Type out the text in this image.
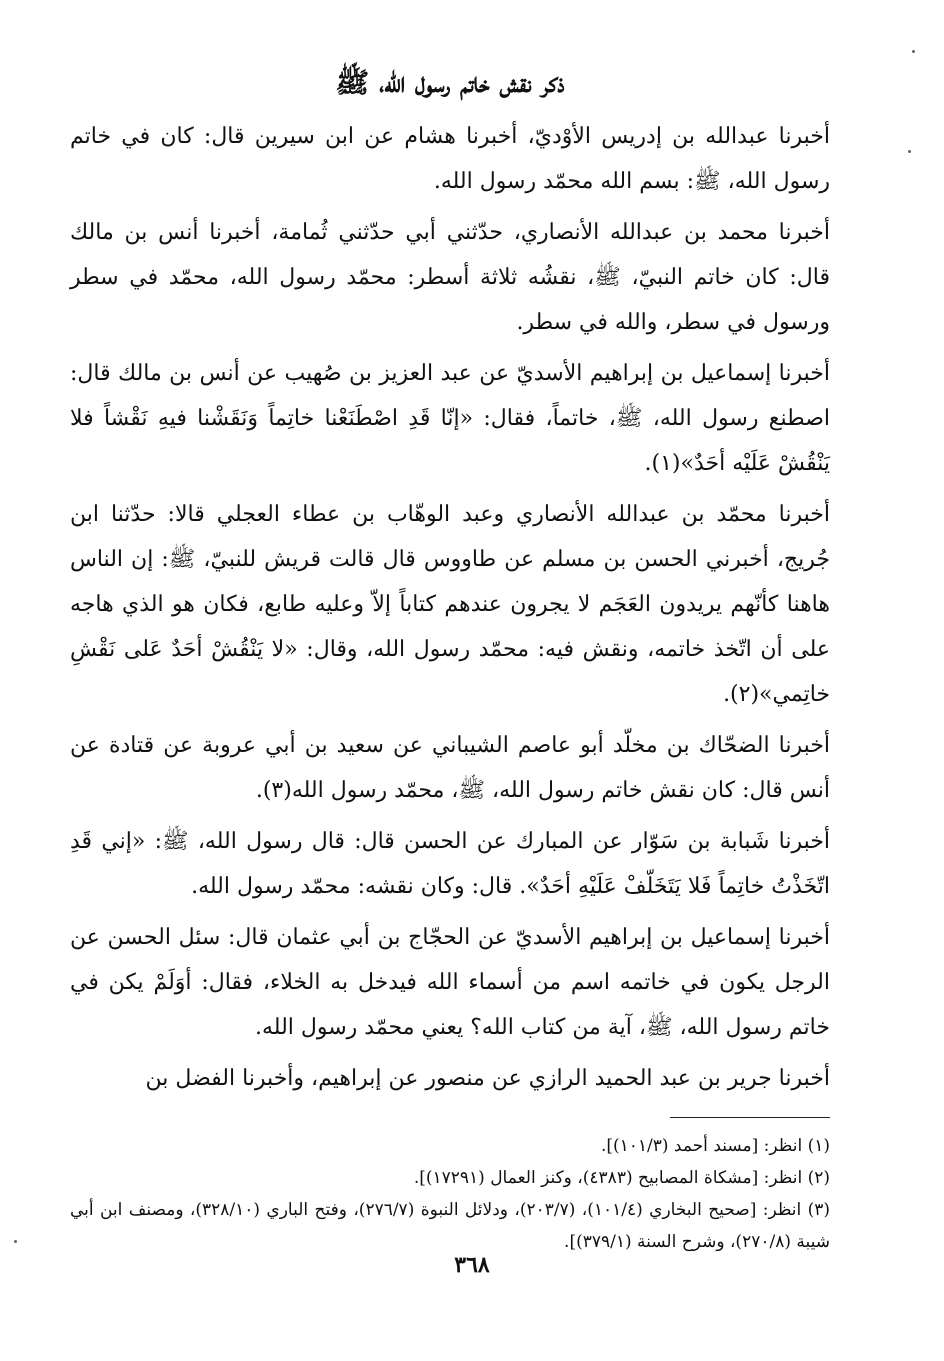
ذكر نقش خاتم رسول الله، ﷺ

أخبرنا عبدالله بن إدريس الأوْديّ، أخبرنا هشام عن ابن سيرين قال: كان في خاتم رسول الله، ﷺ: بسم الله محمّد رسول الله.

أخبرنا محمد بن عبدالله الأنصاري، حدّثني أبي حدّثني ثُمامة، أخبرنا أنس بن مالك قال: كان خاتم النبيّ، ﷺ، نقشُه ثلاثة أسطر: محمّد رسول الله، محمّد في سطر ورسول في سطر، والله في سطر.

أخبرنا إسماعيل بن إبراهيم الأسديّ عن عبد العزيز بن صُهيب عن أنس بن مالك قال: اصطنع رسول الله، ﷺ، خاتماً، فقال: «إنّا قَدِ اصْطَنَعْنا خاتِماً وَنَقَشْنا فيهِ نَقْشاً فلا يَنْقُشْ عَلَيْه أحَدٌ»(١).

أخبرنا محمّد بن عبدالله الأنصاري وعبد الوهّاب بن عطاء العجلي قالا: حدّثنا ابن جُريج، أخبرني الحسن بن مسلم عن طاووس قال قالت قريش للنبيّ، ﷺ: إن الناس هاهنا كأنّهم يريدون العَجَم لا يجرون عندهم كتاباً إلاّ وعليه طابع، فكان هو الذي هاجه على أن اتّخذ خاتمه، ونقش فيه: محمّد رسول الله، وقال: «لا يَنْقُشْ أحَدٌ عَلى نَقْشِ خاتِمي»(٢).

أخبرنا الضحّاك بن مخلّد أبو عاصم الشيباني عن سعيد بن أبي عروبة عن قتادة عن أنس قال: كان نقش خاتم رسول الله، ﷺ، محمّد رسول الله(٣).

أخبرنا شَبابة بن سَوّار عن المبارك عن الحسن قال: قال رسول الله، ﷺ: «إني قَدِ اتّخَذْتُ خاتِماً فَلا يَتَخَلّفْ عَلَيْهِ أحَدٌ». قال: وكان نقشه: محمّد رسول الله.

أخبرنا إسماعيل بن إبراهيم الأسديّ عن الحجّاج بن أبي عثمان قال: سئل الحسن عن الرجل يكون في خاتمه اسم من أسماء الله فيدخل به الخلاء، فقال: أوَلَمْ يكن في خاتم رسول الله، ﷺ، آية من كتاب الله؟ يعني محمّد رسول الله.

أخبرنا جرير بن عبد الحميد الرازي عن منصور عن إبراهيم، وأخبرنا الفضل بن

(١) انظر: [مسند أحمد (١٠١/٣)].

(٢) انظر: [مشكاة المصابيح (٤٣٨٣)، وكنز العمال (١٧٢٩١)].

(٣) انظر: [صحيح البخاري (١٠١/٤)، (٢٠٣/٧)، ودلائل النبوة (٢٧٦/٧)، وفتح الباري (٣٢٨/١٠)، ومصنف ابن أبي شيبة (٢٧٠/٨)، وشرح السنة (٣٧٩/١)].

٣٦٨
